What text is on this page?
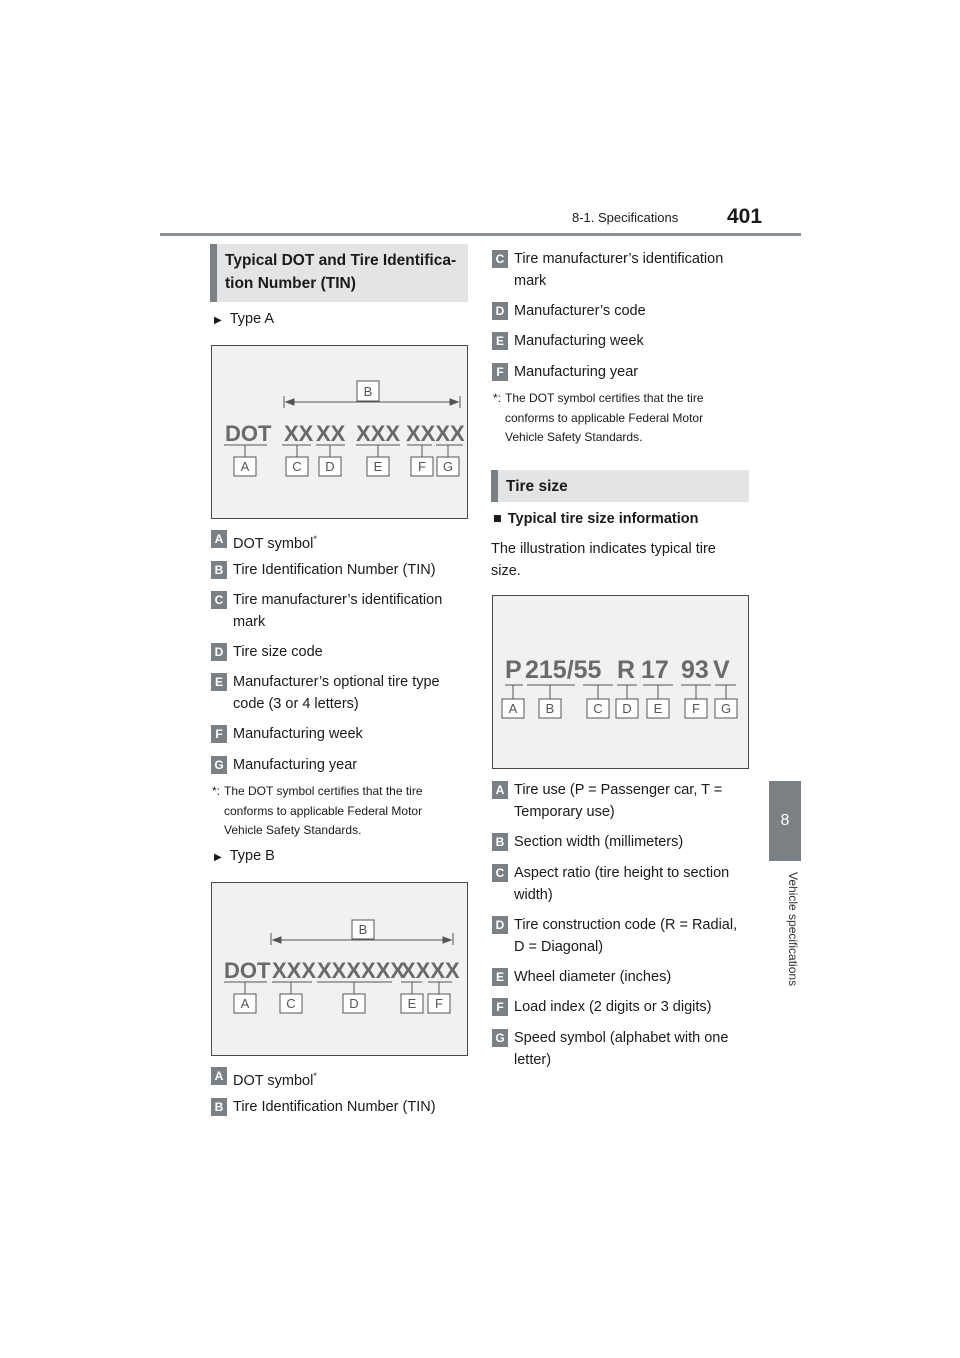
8-1. Specifications 401
8
Vehicle specifications
Typical DOT and Tire Identifica-
tion Number (TIN)
▶ Type A
B
DOT XX XX XXX XXXX
A	C D	E	F G
A DOT symbol*
B Tire Identification Number (TIN)
C Tire manufacturer’s identification
mark
D Tire size code
E Manufacturer’s optional tire type
code (3 or 4 letters)
F Manufacturing week
G Manufacturing year
*: The DOT symbol certifies that the tire
conforms to applicable Federal Motor
Vehicle Safety Standards.
▶ Type B
DOT XXX XXXXXX
XXXX
B
A	C	D	E F
A DOT symbol*
B Tire Identification Number (TIN)
C Tire manufacturer’s identification
mark
D Manufacturer’s code
E Manufacturing week
F Manufacturing year
*: The DOT symbol certifies that the tire
conforms to applicable Federal Motor
Vehicle Safety Standards.
Tire size
■ Typical tire size information
The illustration indicates typical tire
size.
P 215/55 R 17 93 V
A B	C D E F G
A Tire use (P = Passenger car, T =
Temporary use)
B Section width (millimeters)
C Aspect ratio (tire height to section
width)
D Tire construction code (R = Radial,
D = Diagonal)
E Wheel diameter (inches)
F Load index (2 digits or 3 digits)
G Speed symbol (alphabet with one
letter)
